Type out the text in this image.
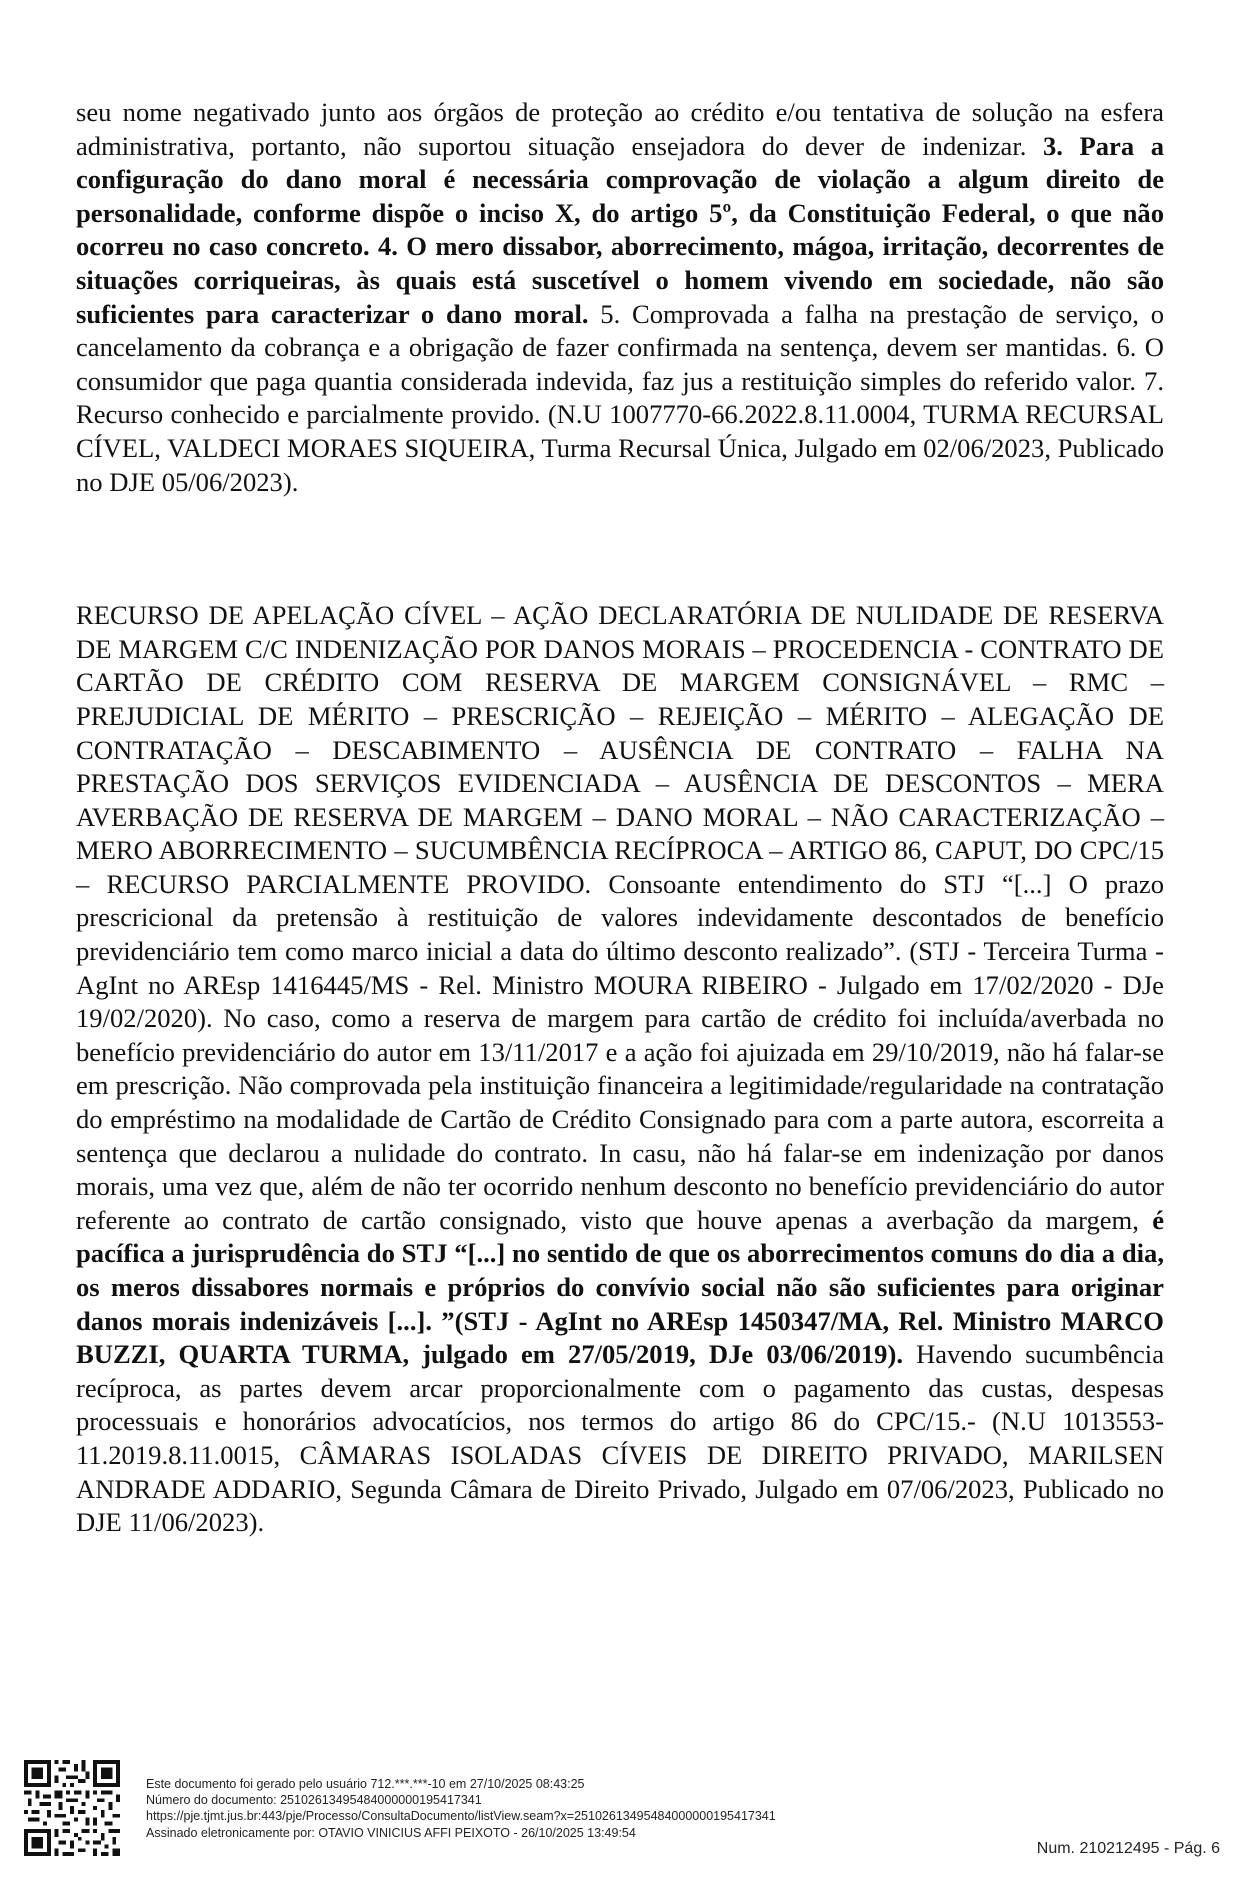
seu nome negativado junto aos órgãos de proteção ao crédito e/ou tentativa de solução na esfera administrativa, portanto, não suportou situação ensejadora do dever de indenizar. 3. Para a configuração do dano moral é necessária comprovação de violação a algum direito de personalidade, conforme dispõe o inciso X, do artigo 5º, da Constituição Federal, o que não ocorreu no caso concreto. 4. O mero dissabor, aborrecimento, mágoa, irritação, decorrentes de situações corriqueiras, às quais está suscetível o homem vivendo em sociedade, não são suficientes para caracterizar o dano moral. 5. Comprovada a falha na prestação de serviço, o cancelamento da cobrança e a obrigação de fazer confirmada na sentença, devem ser mantidas. 6. O consumidor que paga quantia considerada indevida, faz jus a restituição simples do referido valor. 7. Recurso conhecido e parcialmente provido. (N.U 1007770-66.2022.8.11.0004, TURMA RECURSAL CÍVEL, VALDECI MORAES SIQUEIRA, Turma Recursal Única, Julgado em 02/06/2023, Publicado no DJE 05/06/2023).

RECURSO DE APELAÇÃO CÍVEL – AÇÃO DECLARATÓRIA DE NULIDADE DE RESERVA DE MARGEM C/C INDENIZAÇÃO POR DANOS MORAIS – PROCEDENCIA - CONTRATO DE CARTÃO DE CRÉDITO COM RESERVA DE MARGEM CONSIGNÁVEL – RMC – PREJUDICIAL DE MÉRITO – PRESCRIÇÃO – REJEIÇÃO – MÉRITO – ALEGAÇÃO DE CONTRATAÇÃO – DESCABIMENTO – AUSÊNCIA DE CONTRATO – FALHA NA PRESTAÇÃO DOS SERVIÇOS EVIDENCIADA – AUSÊNCIA DE DESCONTOS – MERA AVERBAÇÃO DE RESERVA DE MARGEM – DANO MORAL – NÃO CARACTERIZAÇÃO – MERO ABORRECIMENTO – SUCUMBÊNCIA RECÍPROCA – ARTIGO 86, CAPUT, DO CPC/15 – RECURSO PARCIALMENTE PROVIDO. Consoante entendimento do STJ “[...] O prazo prescricional da pretensão à restituição de valores indevidamente descontados de benefício previdenciário tem como marco inicial a data do último desconto realizado”. (STJ - Terceira Turma - AgInt no AREsp 1416445/MS - Rel. Ministro MOURA RIBEIRO - Julgado em 17/02/2020 - DJe 19/02/2020). No caso, como a reserva de margem para cartão de crédito foi incluída/averbada no benefício previdenciário do autor em 13/11/2017 e a ação foi ajuizada em 29/10/2019, não há falar-se em prescrição. Não comprovada pela instituição financeira a legitimidade/regularidade na contratação do empréstimo na modalidade de Cartão de Crédito Consignado para com a parte autora, escorreita a sentença que declarou a nulidade do contrato. In casu, não há falar-se em indenização por danos morais, uma vez que, além de não ter ocorrido nenhum desconto no benefício previdenciário do autor referente ao contrato de cartão consignado, visto que houve apenas a averbação da margem, é pacífica a jurisprudência do STJ “[...] no sentido de que os aborrecimentos comuns do dia a dia, os meros dissabores normais e próprios do convívio social não são suficientes para originar danos morais indenizáveis [...]. ”(STJ - AgInt no AREsp 1450347/MA, Rel. Ministro MARCO BUZZI, QUARTA TURMA, julgado em 27/05/2019, DJe 03/06/2019). Havendo sucumbência recíproca, as partes devem arcar proporcionalmente com o pagamento das custas, despesas processuais e honorários advocatícios, nos termos do artigo 86 do CPC/15.- (N.U 1013553-11.2019.8.11.0015, CÂMARAS ISOLADAS CÍVEIS DE DIREITO PRIVADO, MARILSEN ANDRADE ADDARIO, Segunda Câmara de Direito Privado, Julgado em 07/06/2023, Publicado no DJE 11/06/2023).

Este documento foi gerado pelo usuário 712.***.***-10 em 27/10/2025 08:43:25
Número do documento: 25102613495484000000195417341
https://pje.tjmt.jus.br:443/pje/Processo/ConsultaDocumento/listView.seam?x=25102613495484000000195417341
Assinado eletronicamente por: OTAVIO VINICIUS AFFI PEIXOTO - 26/10/2025 13:49:54
Num. 210212495 - Pág. 6
